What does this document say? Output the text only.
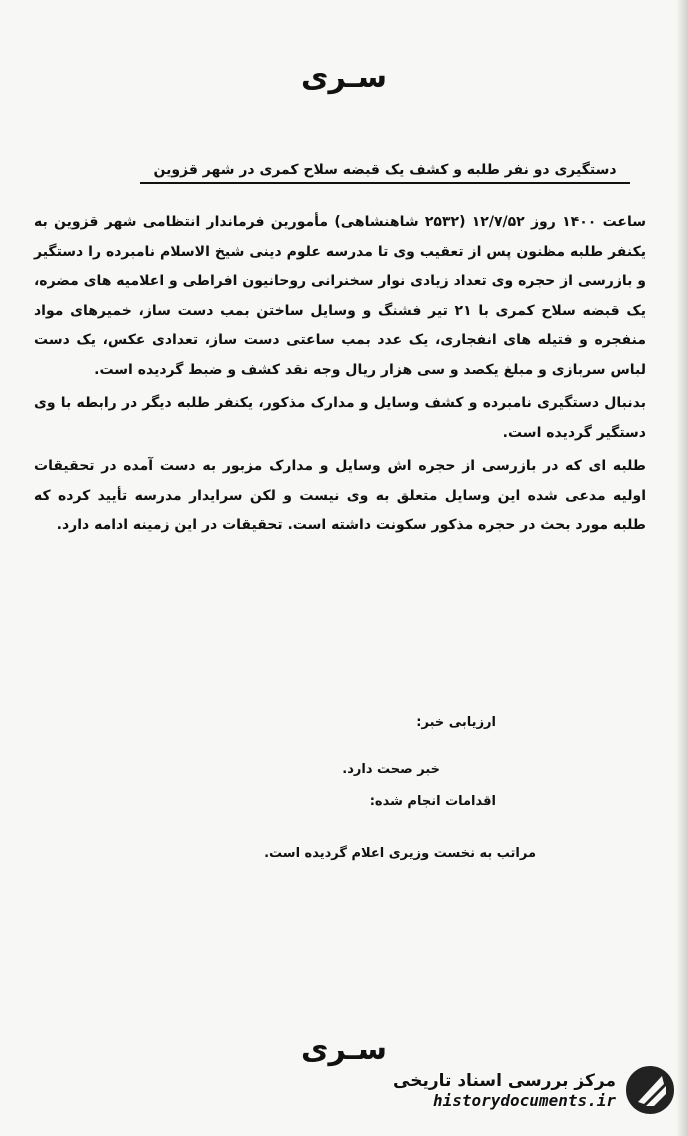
سـری
دستگیری دو نفر طلبه و کشف یک قبضه سلاح کمری در شهر قزوین

ساعت ۱۴۰۰ روز ۱۲/۷/۵۲ (۲۵۳۲ شاهنشاهی) مأمورین فرماندار انتظامی شهر قزوین به یکنفر طلبه مظنون پس از تعقیب وی تا مدرسه علوم دینی شیخ الاسلام نامبرده را دستگیر و بازرسی از حجره وی تعداد زیادی نوار سخنرانی روحانیون افراطی و اعلامیه های مضره، یک قبضه سلاح کمری با ۲۱ تیر فشنگ و وسایل ساختن بمب دست ساز، خمیرهای مواد منفجره و فتیله های انفجاری، یک عدد بمب ساعتی دست ساز، تعدادی عکس، یک دست لباس سربازی و مبلغ یکصد و سی هزار ریال وجه نقد کشف و ضبط گردیده است.

بدنبال دستگیری نامبرده و کشف وسایل و مدارک مذکور، یکنفر طلبه دیگر در رابطه با وی دستگیر گردیده است.

طلبه ای که در بازرسی از حجره اش وسایل و مدارک مزبور به دست آمده در تحقیقات اولیه مدعی شده این وسایل متعلق به وی نیست و لکن سرایدار مدرسه تأیید کرده که طلبه مورد بحث در حجره مذکور سکونت داشته است. تحقیقات در این زمینه ادامه دارد.

ارزیابی خبر:
خبر صحت دارد.
اقدامات انجام شده:
مراتب به نخست وزیری اعلام گردیده است.
سـری
مرکز بررسی اسناد تاریخی
historydocuments.ir
